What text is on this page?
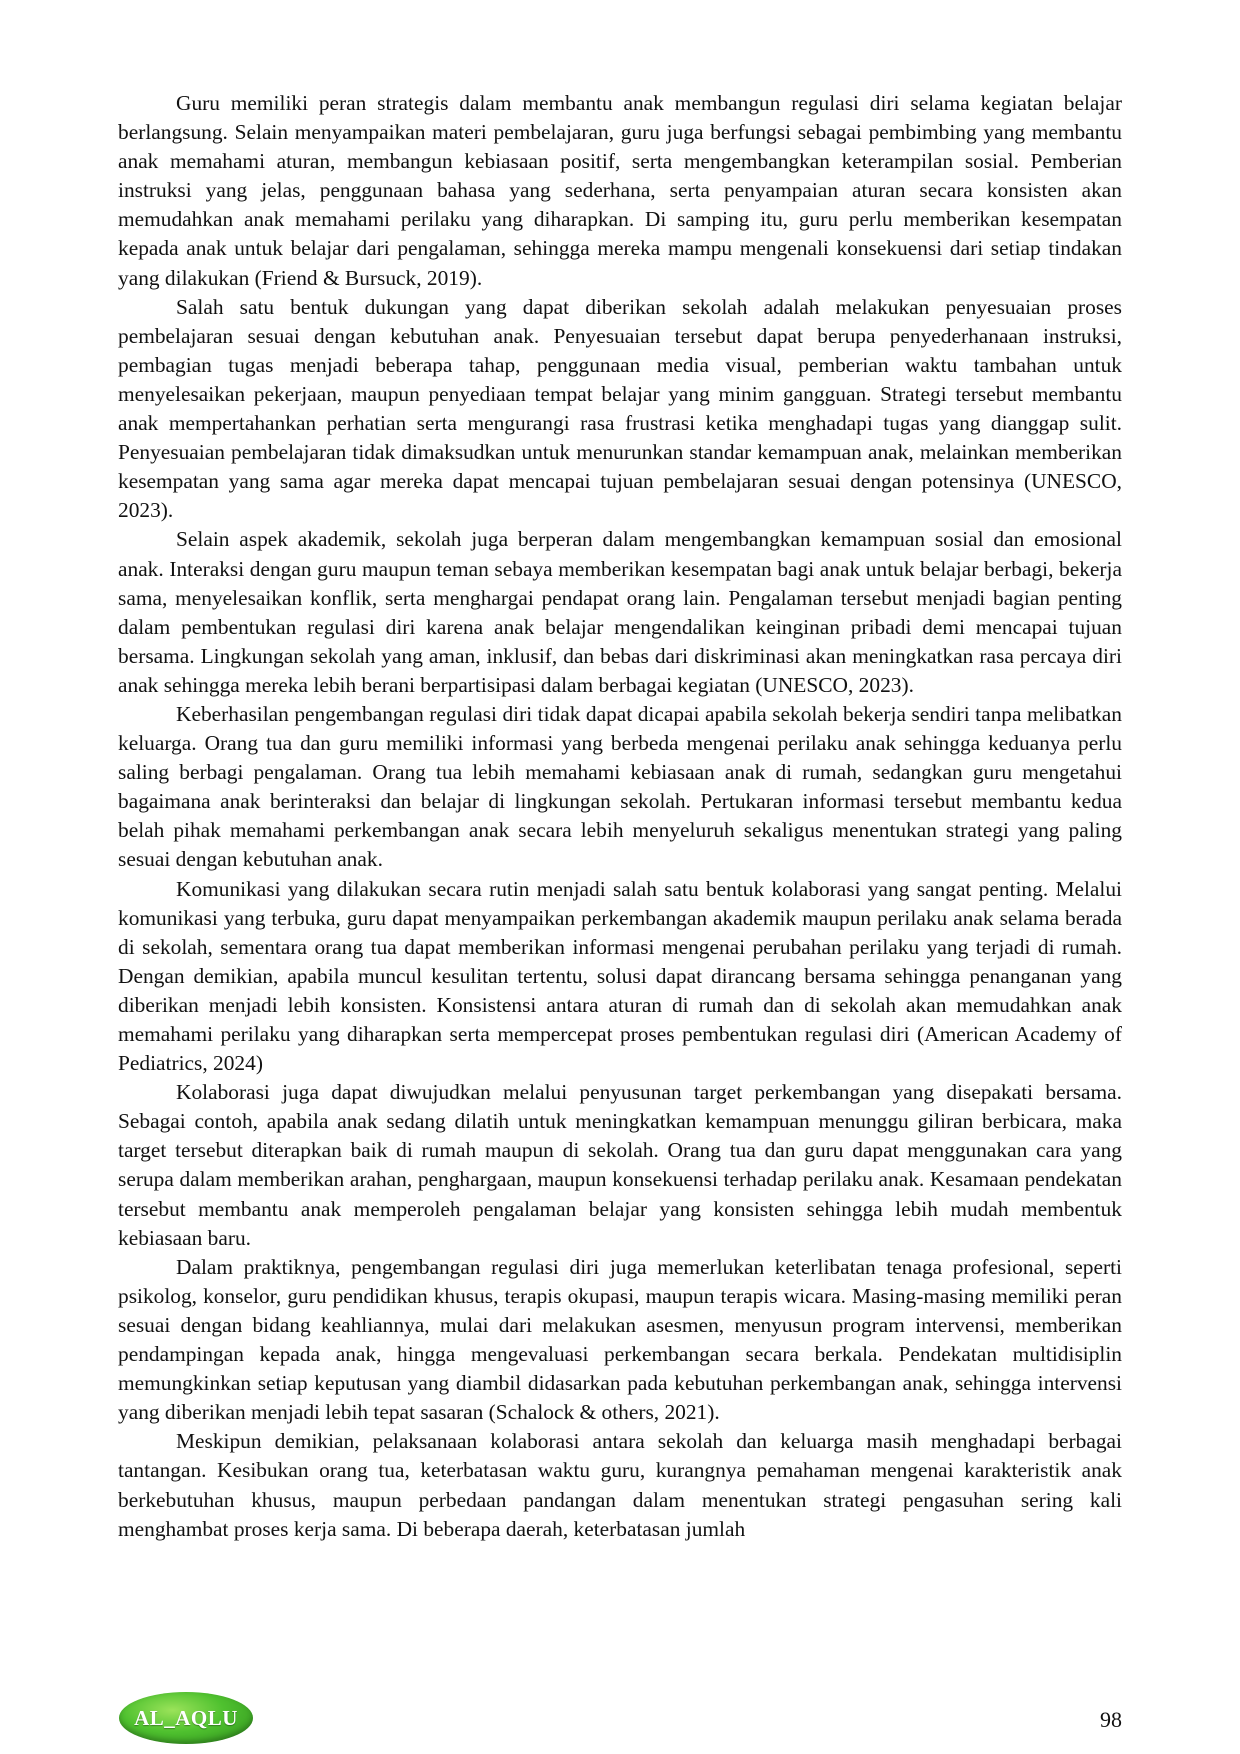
Guru memiliki peran strategis dalam membantu anak membangun regulasi diri selama kegiatan belajar berlangsung. Selain menyampaikan materi pembelajaran, guru juga berfungsi sebagai pembimbing yang membantu anak memahami aturan, membangun kebiasaan positif, serta mengembangkan keterampilan sosial. Pemberian instruksi yang jelas, penggunaan bahasa yang sederhana, serta penyampaian aturan secara konsisten akan memudahkan anak memahami perilaku yang diharapkan. Di samping itu, guru perlu memberikan kesempatan kepada anak untuk belajar dari pengalaman, sehingga mereka mampu mengenali konsekuensi dari setiap tindakan yang dilakukan (Friend & Bursuck, 2019).

Salah satu bentuk dukungan yang dapat diberikan sekolah adalah melakukan penyesuaian proses pembelajaran sesuai dengan kebutuhan anak. Penyesuaian tersebut dapat berupa penyederhanaan instruksi, pembagian tugas menjadi beberapa tahap, penggunaan media visual, pemberian waktu tambahan untuk menyelesaikan pekerjaan, maupun penyediaan tempat belajar yang minim gangguan. Strategi tersebut membantu anak mempertahankan perhatian serta mengurangi rasa frustrasi ketika menghadapi tugas yang dianggap sulit. Penyesuaian pembelajaran tidak dimaksudkan untuk menurunkan standar kemampuan anak, melainkan memberikan kesempatan yang sama agar mereka dapat mencapai tujuan pembelajaran sesuai dengan potensinya (UNESCO, 2023).

Selain aspek akademik, sekolah juga berperan dalam mengembangkan kemampuan sosial dan emosional anak. Interaksi dengan guru maupun teman sebaya memberikan kesempatan bagi anak untuk belajar berbagi, bekerja sama, menyelesaikan konflik, serta menghargai pendapat orang lain. Pengalaman tersebut menjadi bagian penting dalam pembentukan regulasi diri karena anak belajar mengendalikan keinginan pribadi demi mencapai tujuan bersama. Lingkungan sekolah yang aman, inklusif, dan bebas dari diskriminasi akan meningkatkan rasa percaya diri anak sehingga mereka lebih berani berpartisipasi dalam berbagai kegiatan (UNESCO, 2023).

Keberhasilan pengembangan regulasi diri tidak dapat dicapai apabila sekolah bekerja sendiri tanpa melibatkan keluarga. Orang tua dan guru memiliki informasi yang berbeda mengenai perilaku anak sehingga keduanya perlu saling berbagi pengalaman. Orang tua lebih memahami kebiasaan anak di rumah, sedangkan guru mengetahui bagaimana anak berinteraksi dan belajar di lingkungan sekolah. Pertukaran informasi tersebut membantu kedua belah pihak memahami perkembangan anak secara lebih menyeluruh sekaligus menentukan strategi yang paling sesuai dengan kebutuhan anak.

Komunikasi yang dilakukan secara rutin menjadi salah satu bentuk kolaborasi yang sangat penting. Melalui komunikasi yang terbuka, guru dapat menyampaikan perkembangan akademik maupun perilaku anak selama berada di sekolah, sementara orang tua dapat memberikan informasi mengenai perubahan perilaku yang terjadi di rumah. Dengan demikian, apabila muncul kesulitan tertentu, solusi dapat dirancang bersama sehingga penanganan yang diberikan menjadi lebih konsisten. Konsistensi antara aturan di rumah dan di sekolah akan memudahkan anak memahami perilaku yang diharapkan serta mempercepat proses pembentukan regulasi diri (American Academy of Pediatrics, 2024)

Kolaborasi juga dapat diwujudkan melalui penyusunan target perkembangan yang disepakati bersama. Sebagai contoh, apabila anak sedang dilatih untuk meningkatkan kemampuan menunggu giliran berbicara, maka target tersebut diterapkan baik di rumah maupun di sekolah. Orang tua dan guru dapat menggunakan cara yang serupa dalam memberikan arahan, penghargaan, maupun konsekuensi terhadap perilaku anak. Kesamaan pendekatan tersebut membantu anak memperoleh pengalaman belajar yang konsisten sehingga lebih mudah membentuk kebiasaan baru.

Dalam praktiknya, pengembangan regulasi diri juga memerlukan keterlibatan tenaga profesional, seperti psikolog, konselor, guru pendidikan khusus, terapis okupasi, maupun terapis wicara. Masing-masing memiliki peran sesuai dengan bidang keahliannya, mulai dari melakukan asesmen, menyusun program intervensi, memberikan pendampingan kepada anak, hingga mengevaluasi perkembangan secara berkala. Pendekatan multidisiplin memungkinkan setiap keputusan yang diambil didasarkan pada kebutuhan perkembangan anak, sehingga intervensi yang diberikan menjadi lebih tepat sasaran (Schalock & others, 2021).

Meskipun demikian, pelaksanaan kolaborasi antara sekolah dan keluarga masih menghadapi berbagai tantangan. Kesibukan orang tua, keterbatasan waktu guru, kurangnya pemahaman mengenai karakteristik anak berkebutuhan khusus, maupun perbedaan pandangan dalam menentukan strategi pengasuhan sering kali menghambat proses kerja sama. Di beberapa daerah, keterbatasan jumlah

AL_AQLU	98
